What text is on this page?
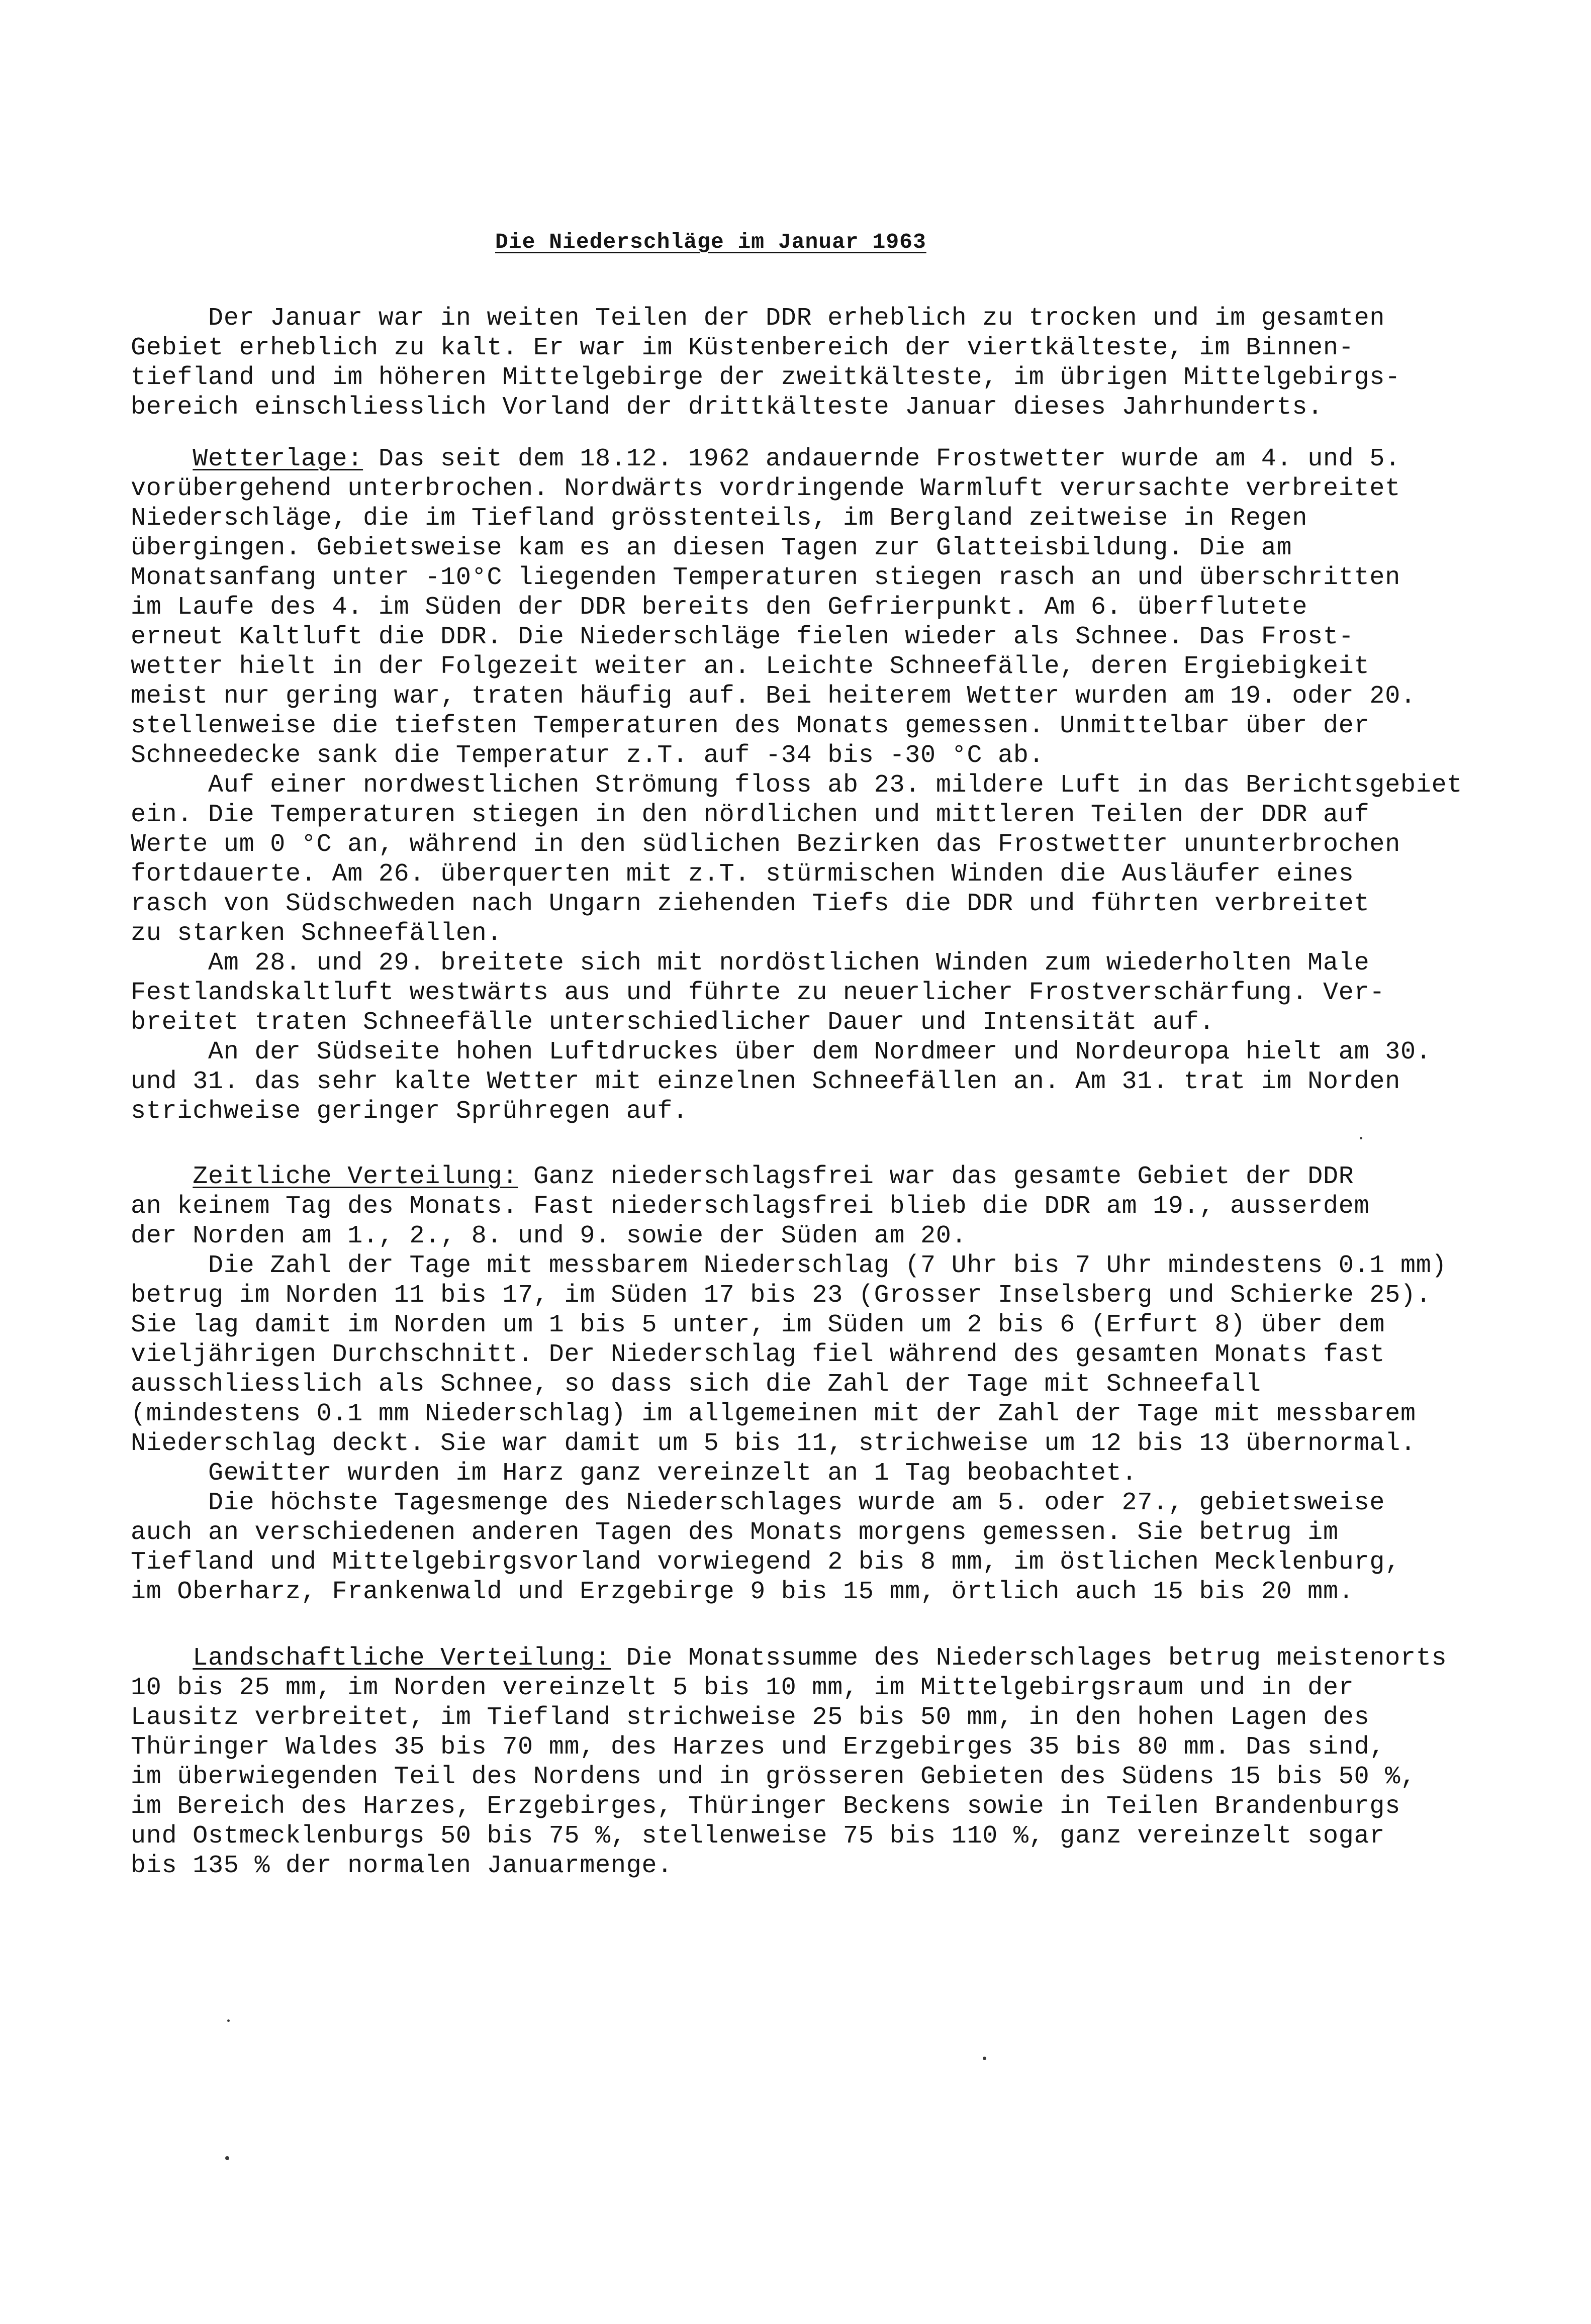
Die Niederschläge im Januar 1963
Der Januar war in weiten Teilen der DDR erheblich zu trocken und im gesamten
Gebiet erheblich zu kalt. Er war im Küstenbereich der viertkälteste, im Binnen-
tiefland und im höheren Mittelgebirge der zweitkälteste, im übrigen Mittelgebirgs-
bereich einschliesslich Vorland der drittkälteste Januar dieses Jahrhunderts.
Wetterlage: Das seit dem 18.12. 1962 andauernde Frostwetter wurde am 4. und 5.
vorübergehend unterbrochen. Nordwärts vordringende Warmluft verursachte verbreitet
Niederschläge, die im Tiefland grösstenteils, im Bergland zeitweise in Regen
übergingen. Gebietsweise kam es an diesen Tagen zur Glatteisbildung. Die am
Monatsanfang unter -10°C liegenden Temperaturen stiegen rasch an und überschritten
im Laufe des 4. im Süden der DDR bereits den Gefrierpunkt. Am 6. überflutete
erneut Kaltluft die DDR. Die Niederschläge fielen wieder als Schnee. Das Frost-
wetter hielt in der Folgezeit weiter an. Leichte Schneefälle, deren Ergiebigkeit
meist nur gering war, traten häufig auf. Bei heiterem Wetter wurden am 19. oder 20.
stellenweise die tiefsten Temperaturen des Monats gemessen. Unmittelbar über der
Schneedecke sank die Temperatur z.T. auf -34 bis -30 °C ab.
Auf einer nordwestlichen Strömung floss ab 23. mildere Luft in das Berichtsgebiet
ein. Die Temperaturen stiegen in den nördlichen und mittleren Teilen der DDR auf
Werte um 0 °C an, während in den südlichen Bezirken das Frostwetter ununterbrochen
fortdauerte. Am 26. überquerten mit z.T. stürmischen Winden die Ausläufer eines
rasch von Südschweden nach Ungarn ziehenden Tiefs die DDR und führten verbreitet
zu starken Schneefällen.
Am 28. und 29. breitete sich mit nordöstlichen Winden zum wiederholten Male
Festlandskaltluft westwärts aus und führte zu neuerlicher Frostverschärfung. Ver-
breitet traten Schneefälle unterschiedlicher Dauer und Intensität auf.
An der Südseite hohen Luftdruckes über dem Nordmeer und Nordeuropa hielt am 30.
und 31. das sehr kalte Wetter mit einzelnen Schneefällen an. Am 31. trat im Norden
strichweise geringer Sprühregen auf.
Zeitliche Verteilung: Ganz niederschlagsfrei war das gesamte Gebiet der DDR
an keinem Tag des Monats. Fast niederschlagsfrei blieb die DDR am 19., ausserdem
der Norden am 1., 2., 8. und 9. sowie der Süden am 20.
Die Zahl der Tage mit messbarem Niederschlag (7 Uhr bis 7 Uhr mindestens 0.1 mm)
betrug im Norden 11 bis 17, im Süden 17 bis 23 (Grosser Inselsberg und Schierke 25).
Sie lag damit im Norden um 1 bis 5 unter, im Süden um 2 bis 6 (Erfurt 8) über dem
vieljährigen Durchschnitt. Der Niederschlag fiel während des gesamten Monats fast
ausschliesslich als Schnee, so dass sich die Zahl der Tage mit Schneefall
(mindestens 0.1 mm Niederschlag) im allgemeinen mit der Zahl der Tage mit messbarem
Niederschlag deckt. Sie war damit um 5 bis 11, strichweise um 12 bis 13 übernormal.
Gewitter wurden im Harz ganz vereinzelt an 1 Tag beobachtet.
Die höchste Tagesmenge des Niederschlages wurde am 5. oder 27., gebietsweise
auch an verschiedenen anderen Tagen des Monats morgens gemessen. Sie betrug im
Tiefland und Mittelgebirgsvorland vorwiegend 2 bis 8 mm, im östlichen Mecklenburg,
im Oberharz, Frankenwald und Erzgebirge 9 bis 15 mm, örtlich auch 15 bis 20 mm.
Landschaftliche Verteilung: Die Monatssumme des Niederschlages betrug meistenorts
10 bis 25 mm, im Norden vereinzelt 5 bis 10 mm, im Mittelgebirgsraum und in der
Lausitz verbreitet, im Tiefland strichweise 25 bis 50 mm, in den hohen Lagen des
Thüringer Waldes 35 bis 70 mm, des Harzes und Erzgebirges 35 bis 80 mm. Das sind,
im überwiegenden Teil des Nordens und in grösseren Gebieten des Südens 15 bis 50 %,
im Bereich des Harzes, Erzgebirges, Thüringer Beckens sowie in Teilen Brandenburgs
und Ostmecklenburgs 50 bis 75 %, stellenweise 75 bis 110 %, ganz vereinzelt sogar
bis 135 % der normalen Januarmenge.
